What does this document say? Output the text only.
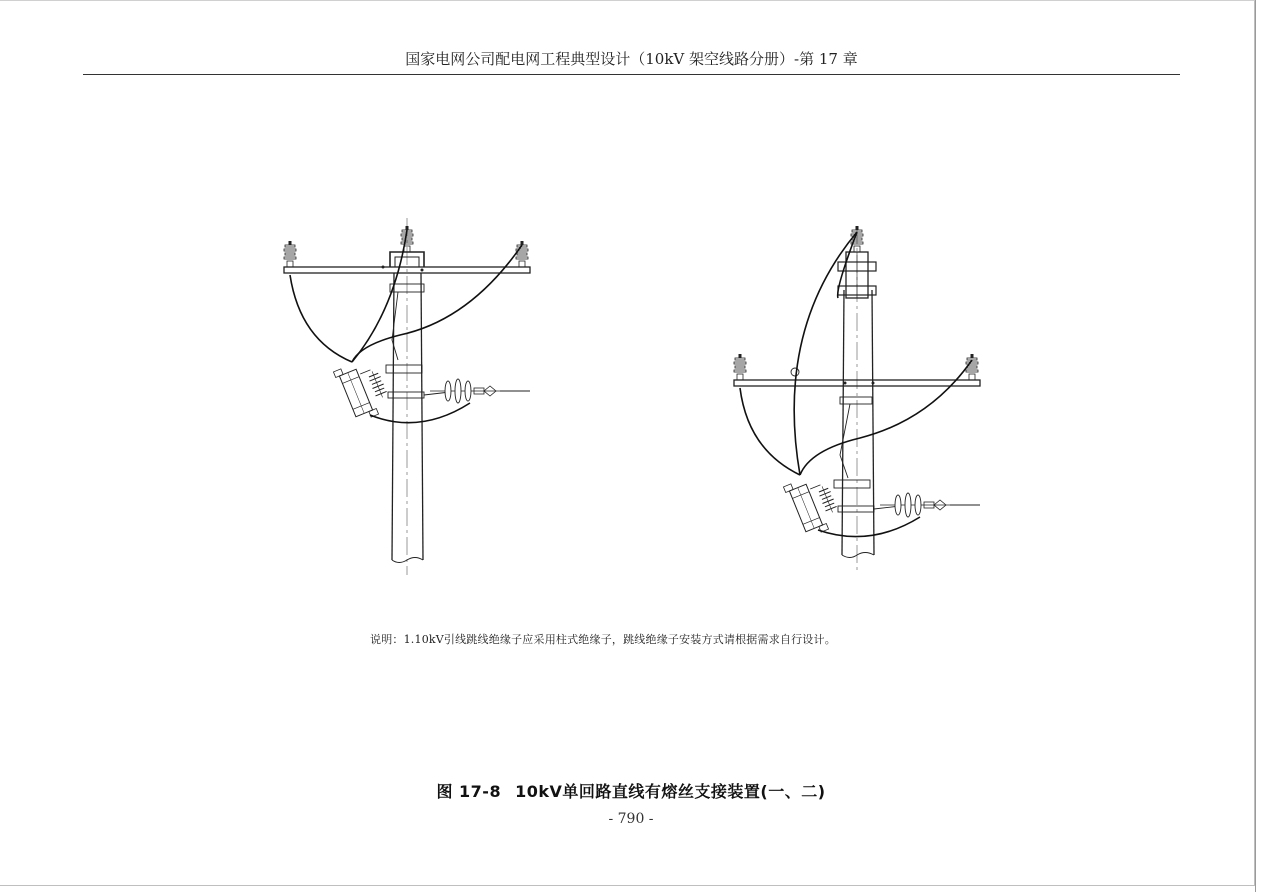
国家电网公司配电网工程典型设计（10kV 架空线路分册）-第 17 章
说明：1.10kV引线跳线绝缘子应采用柱式绝缘子，跳线绝缘子安装方式请根据需求自行设计。
图 17-8 10kV单回路直线有熔丝支接装置(一、二)
- 790 -
